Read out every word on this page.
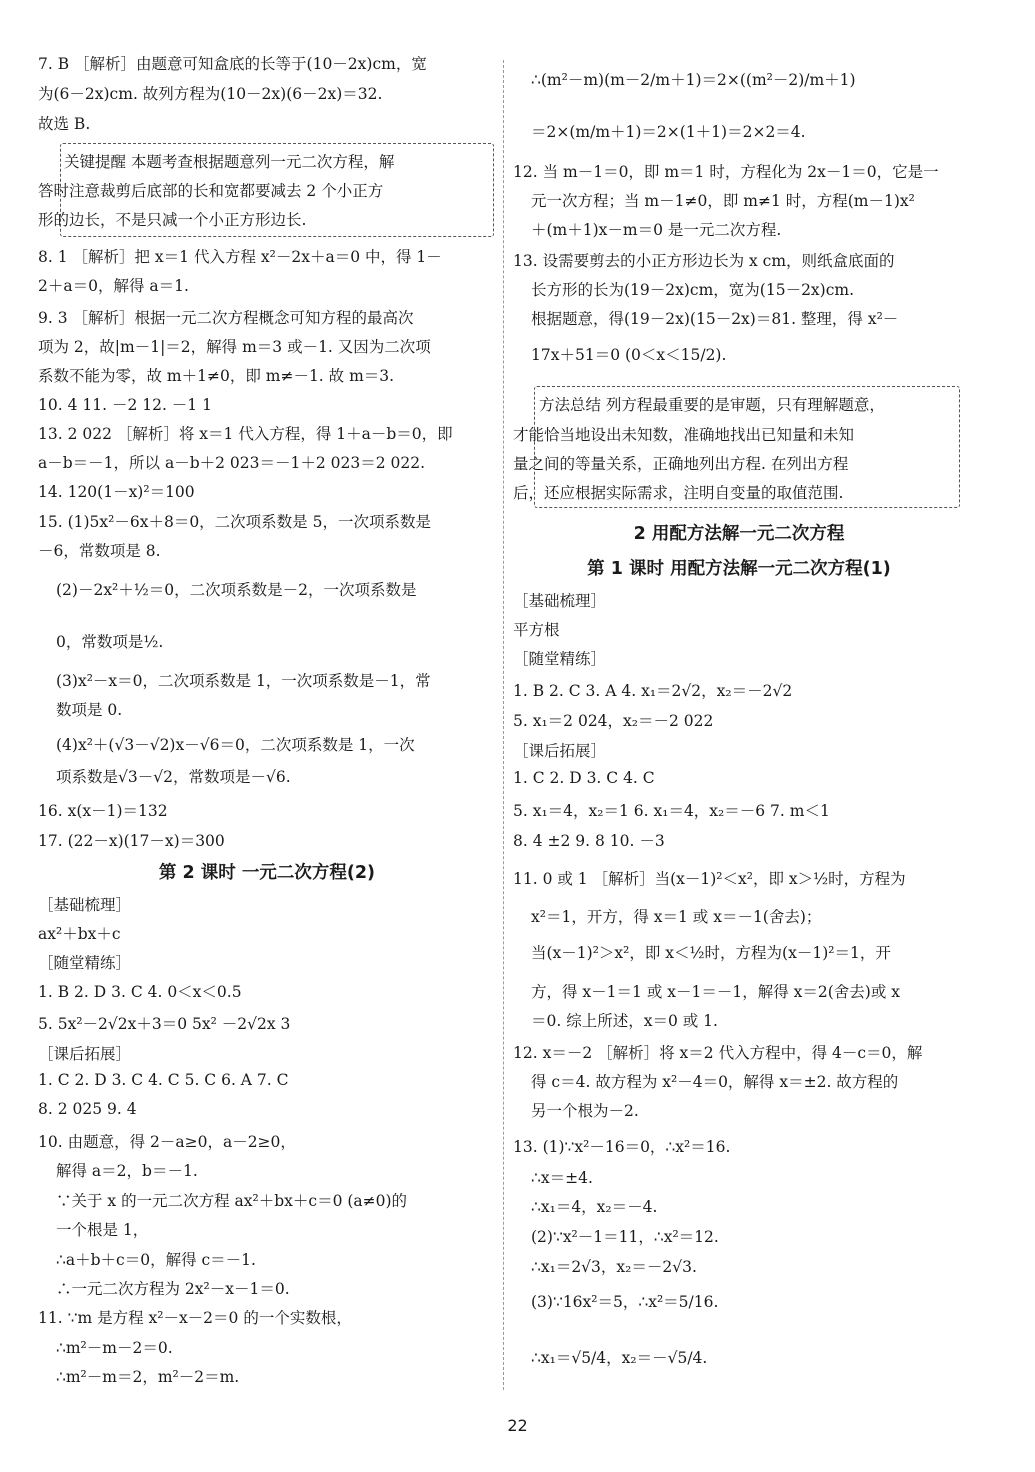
7. B ［解析］由题意可知盒底的长等于(10－2x)cm，宽
为(6－2x)cm. 故列方程为(10－2x)(6－2x)＝32.
故选 B.
关键提醒 本题考查根据题意列一元二次方程，解
答时注意裁剪后底部的长和宽都要减去 2 个小正方
形的边长，不是只减一个小正方形边长.
8. 1 ［解析］把 x＝1 代入方程 x²－2x＋a＝0 中，得 1－
2＋a＝0，解得 a＝1.
9. 3 ［解析］根据一元二次方程概念可知方程的最高次
项为 2，故|m－1|＝2，解得 m＝3 或－1. 又因为二次项
系数不能为零，故 m＋1≠0，即 m≠－1. 故 m＝3.
10. 4 11. －2 12. －1 1
13. 2 022 ［解析］将 x＝1 代入方程，得 1＋a－b＝0，即
a－b＝－1，所以 a－b＋2 023＝－1＋2 023＝2 022.
14. 120(1－x)²＝100
15. (1)5x²－6x＋8＝0，二次项系数是 5，一次项系数是
－6，常数项是 8.
(2)－2x²＋½＝0，二次项系数是－2，一次项系数是
0，常数项是½.
(3)x²－x＝0，二次项系数是 1，一次项系数是－1，常
数项是 0.
(4)x²＋(√3－√2)x－√6＝0，二次项系数是 1，一次
项系数是√3－√2，常数项是－√6.
16. x(x－1)＝132
17. (22－x)(17－x)＝300
第 2 课时 一元二次方程(2)
［基础梳理］
ax²＋bx＋c
［随堂精练］
1. B 2. D 3. C 4. 0＜x＜0.5
5. 5x²－2√2x＋3＝0 5x² －2√2x 3
［课后拓展］
1. C 2. D 3. C 4. C 5. C 6. A 7. C
8. 2 025 9. 4
10. 由题意，得 2－a≥0，a－2≥0，
解得 a＝2，b＝－1.
∵关于 x 的一元二次方程 ax²＋bx＋c＝0 (a≠0)的
一个根是 1，
∴a＋b＋c＝0，解得 c＝－1.
∴一元二次方程为 2x²－x－1＝0.
11. ∵m 是方程 x²－x－2＝0 的一个实数根，
∴m²－m－2＝0.
∴m²－m＝2，m²－2＝m.
∴(m²－m)(m－2/m＋1)＝2×((m²－2)/m＋1)
＝2×(m/m＋1)＝2×(1＋1)＝2×2＝4.
12. 当 m－1＝0，即 m＝1 时，方程化为 2x－1＝0，它是一
元一次方程；当 m－1≠0，即 m≠1 时，方程(m－1)x²
＋(m＋1)x－m＝0 是一元二次方程.
13. 设需要剪去的小正方形边长为 x cm，则纸盒底面的
长方形的长为(19－2x)cm，宽为(15－2x)cm.
根据题意，得(19－2x)(15－2x)＝81. 整理，得 x²－
17x＋51＝0 (0＜x＜15/2).
方法总结 列方程最重要的是审题，只有理解题意，
才能恰当地设出未知数，准确地找出已知量和未知
量之间的等量关系，正确地列出方程. 在列出方程
后，还应根据实际需求，注明自变量的取值范围.
2 用配方法解一元二次方程
第 1 课时 用配方法解一元二次方程(1)
［基础梳理］
平方根
［随堂精练］
1. B 2. C 3. A 4. x₁＝2√2，x₂＝－2√2
5. x₁＝2 024，x₂＝－2 022
［课后拓展］
1. C 2. D 3. C 4. C
5. x₁＝4，x₂＝1 6. x₁＝4，x₂＝－6 7. m＜1
8. 4 ±2 9. 8 10. －3
11. 0 或 1 ［解析］当(x－1)²＜x²，即 x＞½时，方程为
x²＝1，开方，得 x＝1 或 x＝－1(舍去)；
当(x－1)²＞x²，即 x＜½时，方程为(x－1)²＝1，开
方，得 x－1＝1 或 x－1＝－1，解得 x＝2(舍去)或 x
＝0. 综上所述，x＝0 或 1.
12. x＝－2 ［解析］将 x＝2 代入方程中，得 4－c＝0，解
得 c＝4. 故方程为 x²－4＝0，解得 x＝±2. 故方程的
另一个根为－2.
13. (1)∵x²－16＝0，∴x²＝16.
∴x＝±4.
∴x₁＝4，x₂＝－4.
(2)∵x²－1＝11，∴x²＝12.
∴x₁＝2√3，x₂＝－2√3.
(3)∵16x²＝5，∴x²＝5/16.
∴x₁＝√5/4，x₂＝－√5/4.
22
